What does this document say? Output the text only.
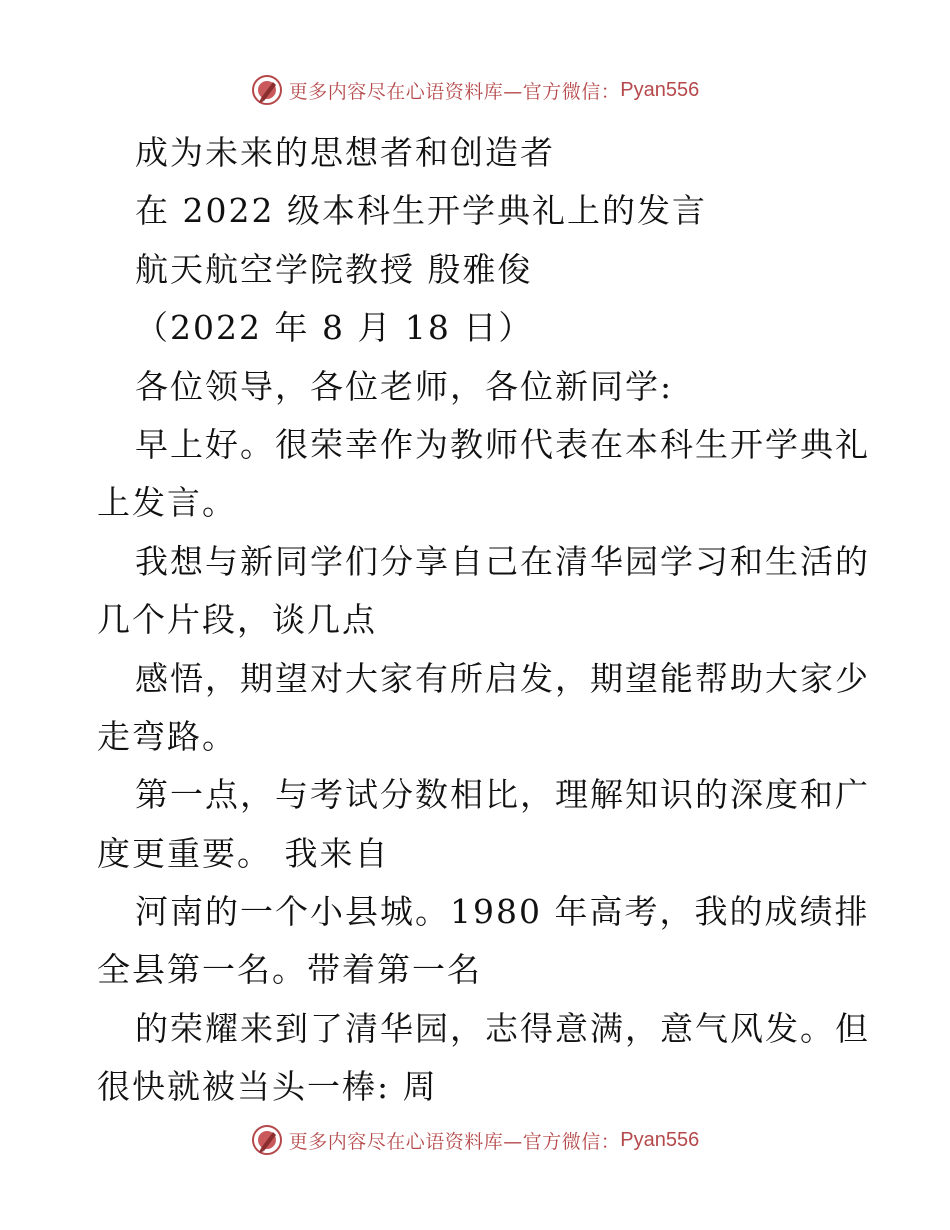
更多内容尽在心语资料库—官方微信： Pyan556
成为未来的思想者和创造者
在 2022 级本科生开学典礼上的发言
航天航空学院教授 殷雅俊
（2022 年 8 月 18 日）
各位领导，各位老师，各位新同学:
早上好。很荣幸作为教师代表在本科生开学典礼
上发言。
我想与新同学们分享自己在清华园学习和生活的
几个片段，谈几点
感悟，期望对大家有所启发，期望能帮助大家少
走弯路。
第一点，与考试分数相比，理解知识的深度和广
度更重要。 我来自
河南的一个小县城。1980 年高考，我的成绩排
全县第一名。带着第一名
的荣耀来到了清华园，志得意满，意气风发。但
很快就被当头一棒: 周
更多内容尽在心语资料库—官方微信： Pyan556
